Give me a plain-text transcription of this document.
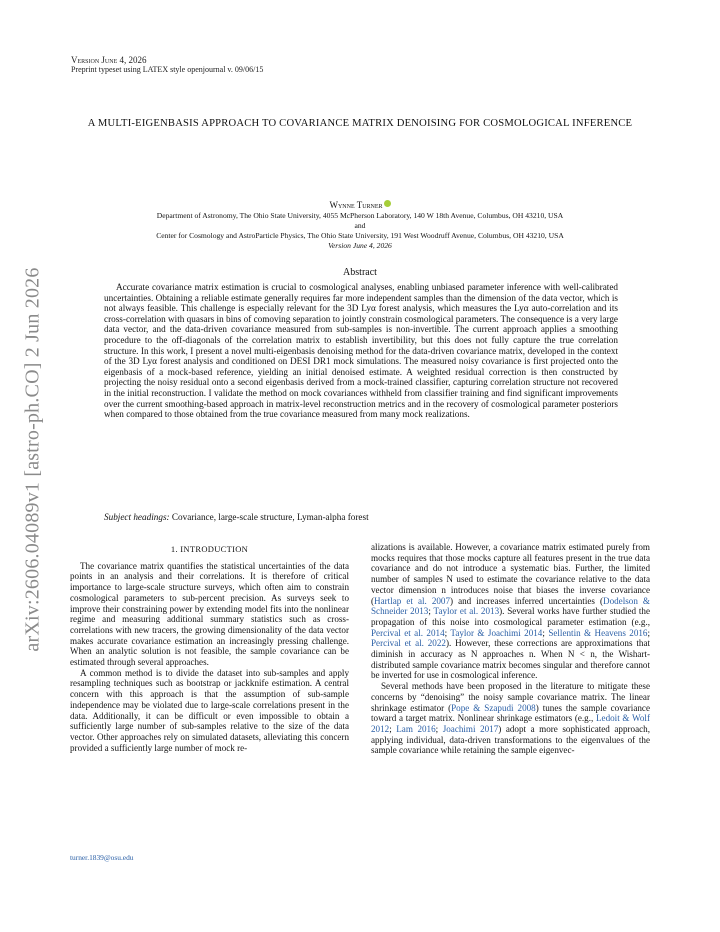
arXiv:2606.04089v1 [astro-ph.CO] 2 Jun 2026
Version June 4, 2026
Preprint typeset using LATEX style openjournal v. 09/06/15
A MULTI-EIGENBASIS APPROACH TO COVARIANCE MATRIX DENOISING FOR COSMOLOGICAL INFERENCE
Wynne Turner
Department of Astronomy, The Ohio State University, 4055 McPherson Laboratory, 140 W 18th Avenue, Columbus, OH 43210, USA
and
Center for Cosmology and AstroParticle Physics, The Ohio State University, 191 West Woodruff Avenue, Columbus, OH 43210, USA
Version June 4, 2026
Abstract
Accurate covariance matrix estimation is crucial to cosmological analyses, enabling unbiased parameter inference with well-calibrated uncertainties. Obtaining a reliable estimate generally requires far more independent samples than the dimension of the data vector, which is not always feasible. This challenge is especially relevant for the 3D Lyα forest analysis, which measures the Lyα auto-correlation and its cross-correlation with quasars in bins of comoving separation to jointly constrain cosmological parameters. The consequence is a very large data vector, and the data-driven covariance measured from sub-samples is non-invertible. The current approach applies a smoothing procedure to the off-diagonals of the correlation matrix to establish invertibility, but this does not fully capture the true correlation structure. In this work, I present a novel multi-eigenbasis denoising method for the data-driven covariance matrix, developed in the context of the 3D Lyα forest analysis and conditioned on DESI DR1 mock simulations. The measured noisy covariance is first projected onto the eigenbasis of a mock-based reference, yielding an initial denoised estimate. A weighted residual correction is then constructed by projecting the noisy residual onto a second eigenbasis derived from a mock-trained classifier, capturing correlation structure not recovered in the initial reconstruction. I validate the method on mock covariances withheld from classifier training and find significant improvements over the current smoothing-based approach in matrix-level reconstruction metrics and in the recovery of cosmological parameter posteriors when compared to those obtained from the true covariance measured from many mock realizations.
Subject headings: Covariance, large-scale structure, Lyman-alpha forest
1. INTRODUCTION

The covariance matrix quantifies the statistical uncertainties of the data points in an analysis and their correlations. It is therefore of critical importance to large-scale structure surveys, which often aim to constrain cosmological parameters to sub-percent precision. As surveys seek to improve their constraining power by extending model fits into the nonlinear regime and measuring additional summary statistics such as cross-correlations with new tracers, the growing dimensionality of the data vector makes accurate covariance estimation an increasingly pressing challenge. When an analytic solution is not feasible, the sample covariance can be estimated through several approaches.

A common method is to divide the dataset into sub-samples and apply resampling techniques such as bootstrap or jackknife estimation. A central concern with this approach is that the assumption of sub-sample independence may be violated due to large-scale correlations present in the data. Additionally, it can be difficult or even impossible to obtain a sufficiently large number of sub-samples relative to the size of the data vector. Other approaches rely on simulated datasets, alleviating this concern provided a sufficiently large number of mock re-

alizations is available. However, a covariance matrix estimated purely from mocks requires that those mocks capture all features present in the true data covariance and do not introduce a systematic bias. Further, the limited number of samples N used to estimate the covariance relative to the data vector dimension n introduces noise that biases the inverse covariance (Hartlap et al. 2007) and increases inferred uncertainties (Dodelson & Schneider 2013; Taylor et al. 2013). Several works have further studied the propagation of this noise into cosmological parameter estimation (e.g., Percival et al. 2014; Taylor & Joachimi 2014; Sellentin & Heavens 2016; Percival et al. 2022). However, these corrections are approximations that diminish in accuracy as N approaches n. When N < n, the Wishart-distributed sample covariance matrix becomes singular and therefore cannot be inverted for use in cosmological inference.

Several methods have been proposed in the literature to mitigate these concerns by “denoising” the noisy sample covariance matrix. The linear shrinkage estimator (Pope & Szapudi 2008) tunes the sample covariance toward a target matrix. Nonlinear shrinkage estimators (e.g., Ledoit & Wolf 2012; Lam 2016; Joachimi 2017) adopt a more sophisticated approach, applying individual, data-driven transformations to the eigenvalues of the sample covariance while retaining the sample eigenvec-

turner.1839@osu.edu
